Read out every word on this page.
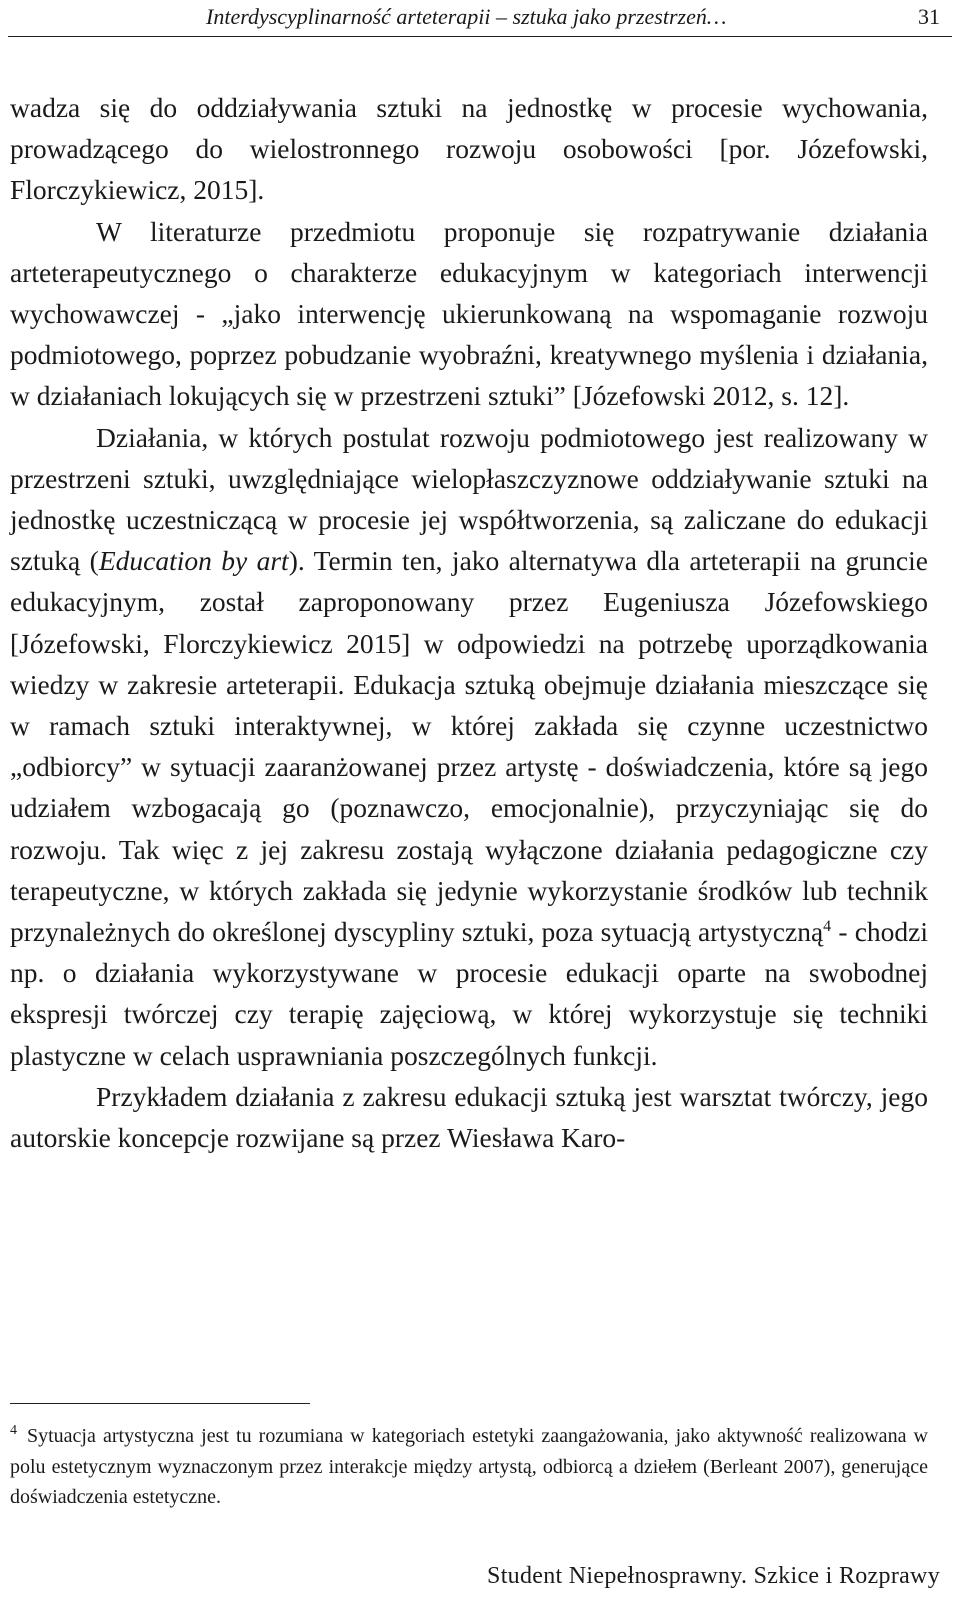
Interdyscyplinarność arteterapii – sztuka jako przestrzeń…	31

wadza się do oddziaływania sztuki na jednostkę w procesie wychowania, prowadzącego do wielostronnego rozwoju osobowości [por. Józefowski, Florczykiewicz, 2015].

W literaturze przedmiotu proponuje się rozpatrywanie działania arteterapeutycznego o charakterze edukacyjnym w kategoriach interwencji wychowawczej - „jako interwencję ukierunkowaną na wspomaganie rozwoju podmiotowego, poprzez pobudzanie wyobraźni, kreatywnego myślenia i działania, w działaniach lokujących się w przestrzeni sztuki” [Józefowski 2012, s. 12].

Działania, w których postulat rozwoju podmiotowego jest realizowany w przestrzeni sztuki, uwzględniające wielopłaszczyznowe oddziaływanie sztuki na jednostkę uczestniczącą w procesie jej współtworzenia, są zaliczane do edukacji sztuką (Education by art). Termin ten, jako alternatywa dla arteterapii na gruncie edukacyjnym, został zaproponowany przez Eugeniusza Józefowskiego [Józefowski, Florczykiewicz 2015] w odpowiedzi na potrzebę uporządkowania wiedzy w zakresie arteterapii. Edukacja sztuką obejmuje działania mieszczące się w ramach sztuki interaktywnej, w której zakłada się czynne uczestnictwo „odbiorcy” w sytuacji zaaranżowanej przez artystę - doświadczenia, które są jego udziałem wzbogacają go (poznawczo, emocjonalnie), przyczyniając się do rozwoju. Tak więc z jej zakresu zostają wyłączone działania pedagogiczne czy terapeutyczne, w których zakłada się jedynie wykorzystanie środków lub technik przynależnych do określonej dyscypliny sztuki, poza sytuacją artystyczną$^4$ - chodzi np. o działania wykorzystywane w procesie edukacji oparte na swobodnej ekspresji twórczej czy terapię zajęciową, w której wykorzystuje się techniki plastyczne w celach usprawniania poszczególnych funkcji.

Przykładem działania z zakresu edukacji sztuką jest warsztat twórczy, jego autorskie koncepcje rozwijane są przez Wiesława Karo-

$^4$ Sytuacja artystyczna jest tu rozumiana w kategoriach estetyki zaangażowania, jako aktywność realizowana w polu estetycznym wyznaczonym przez interakcje między artystą, odbiorcą a dziełem (Berleant 2007), generujące doświadczenia estetyczne.

Student Niepełnosprawny. Szkice i Rozprawy
